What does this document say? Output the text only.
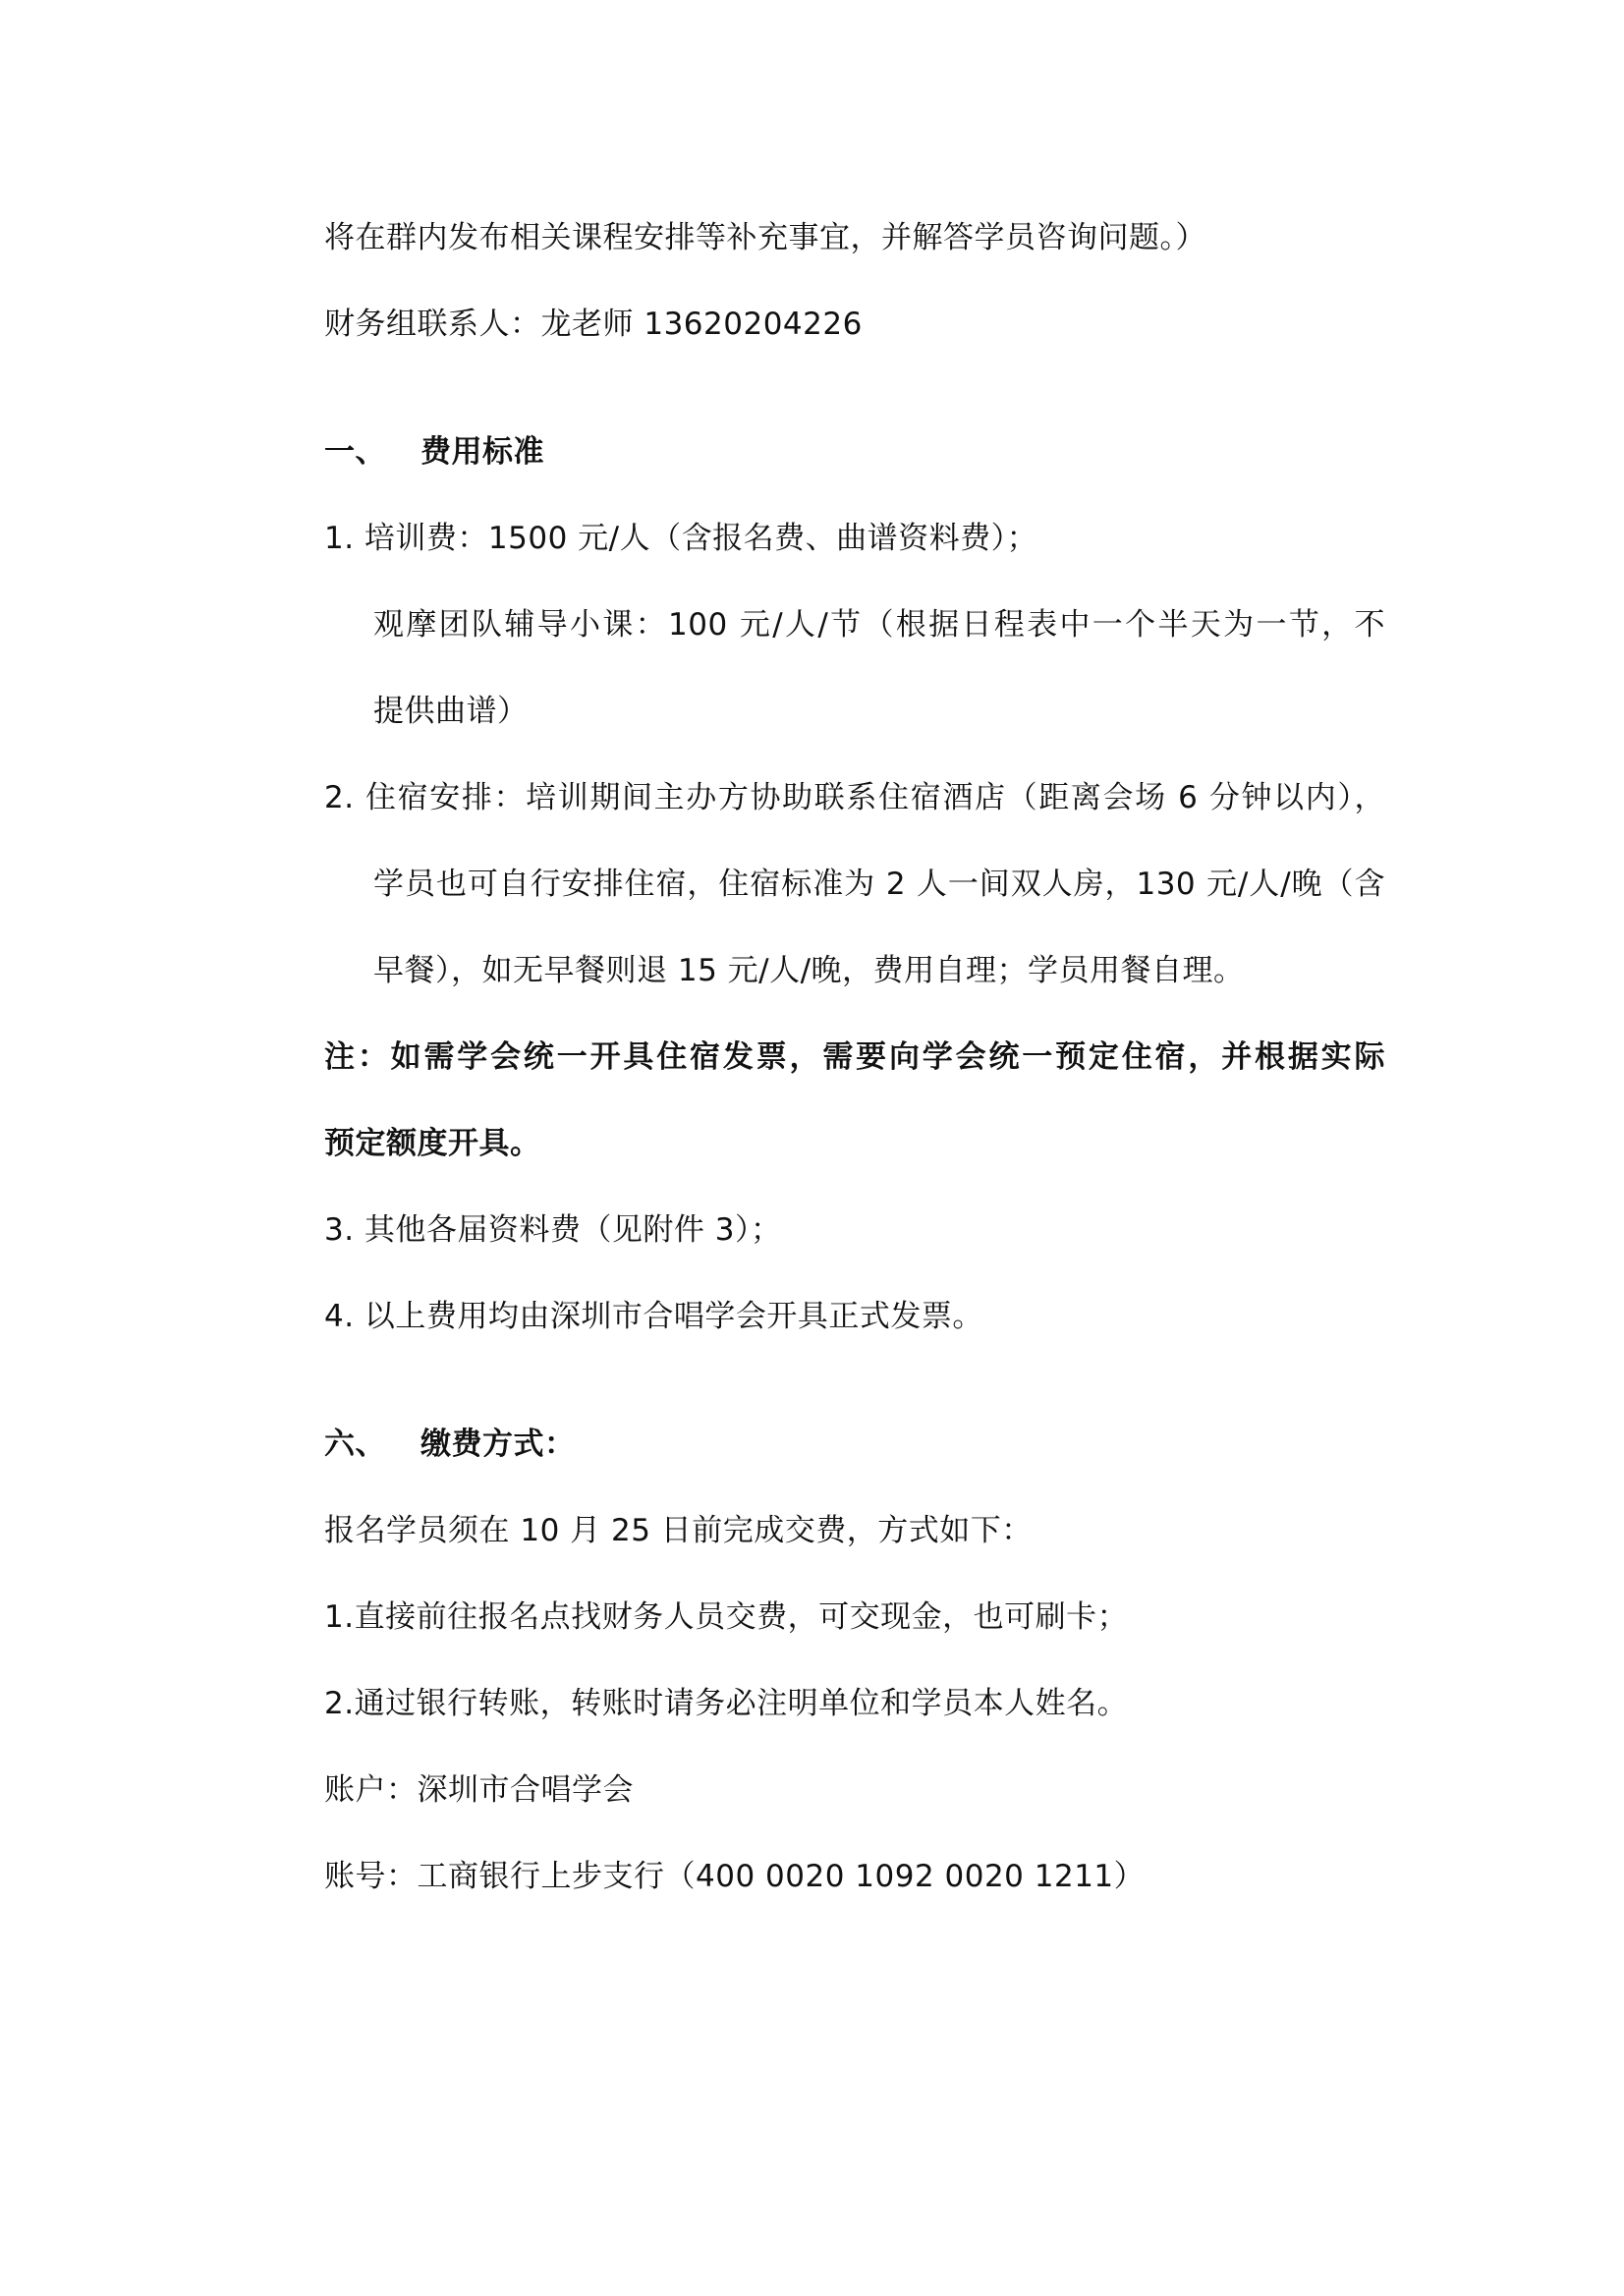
将在群内发布相关课程安排等补充事宜，并解答学员咨询问题。）
财务组联系人：龙老师 13620204226
一、 费用标准
1. 培训费：1500 元/人（含报名费、曲谱资料费）；
观摩团队辅导小课：100 元/人/节（根据日程表中一个半天为一节，不
提供曲谱）
2. 住宿安排：培训期间主办方协助联系住宿酒店（距离会场 6 分钟以内），
学员也可自行安排住宿，住宿标准为 2 人一间双人房，130 元/人/晚（含
早餐），如无早餐则退 15 元/人/晚，费用自理；学员用餐自理。
注：如需学会统一开具住宿发票，需要向学会统一预定住宿，并根据实际
预定额度开具。
3. 其他各届资料费（见附件 3）；
4. 以上费用均由深圳市合唱学会开具正式发票。
六、 缴费方式：
报名学员须在 10 月 25 日前完成交费，方式如下：
1.直接前往报名点找财务人员交费，可交现金，也可刷卡；
2.通过银行转账，转账时请务必注明单位和学员本人姓名。
账户：深圳市合唱学会
账号：工商银行上步支行（400 0020 1092 0020 1211）
